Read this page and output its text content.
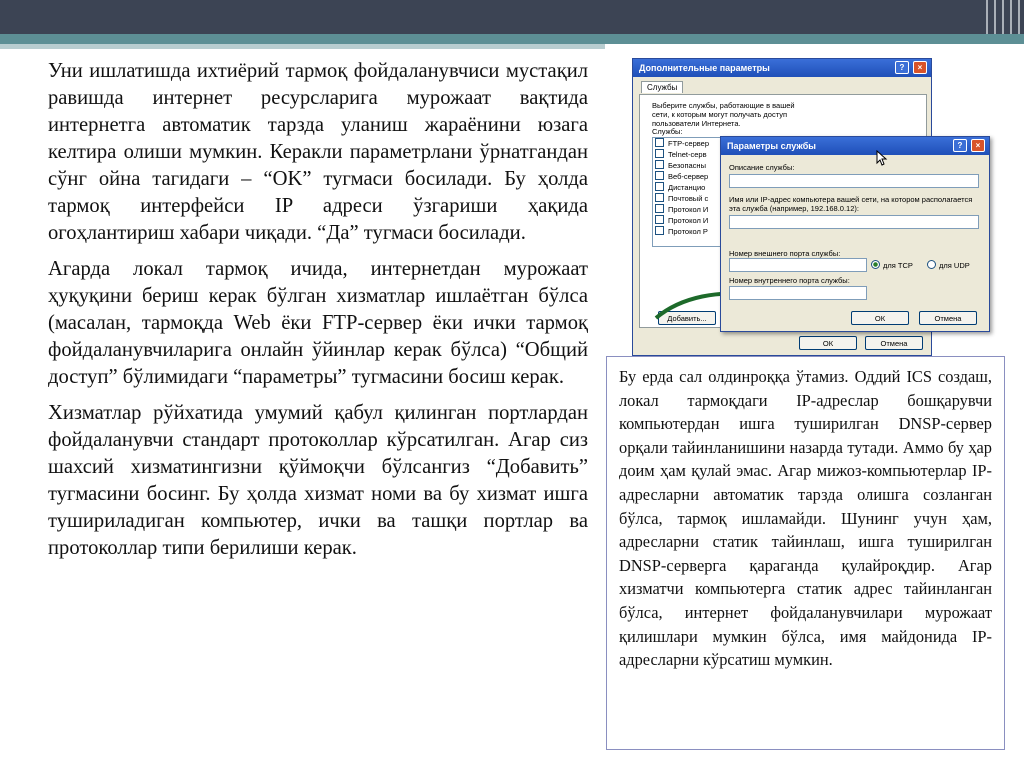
Уни ишлатишда ихтиёрий тармоқ фойдаланувчиси мустақил равишда интернет ресурсларига мурожаат вақтида интернетга автоматик тарзда уланиш жараёнини юзага келтира олиши мумкин. Керакли параметрлани ўрнатгандан сўнг ойна тагидаги – “OK” тугмаси босилади. Бу ҳолда тармоқ интерфейси IP адреси ўзгариши ҳақида огоҳлантириш хабари чиқади. “Да” тугмаси босилади.

Агарда локал тармоқ ичида, интернетдан мурожаат ҳуқуқини бериш керак бўлган хизматлар ишлаётган бўлса (масалан, тармоқда Web ёки FTP-сервер ёки ички тармоқ фойдаланувчиларига онлайн ўйинлар керак бўлса) “Общий доступ” бўлимидаги “параметры” тугмасини босиш керак.

Хизматлар рўйхатида умумий қабул қилинган портлардан фойдаланувчи стандарт протоколлар кўрсатилган. Агар сиз шахсий хизматингизни қўймоқчи бўлсангиз “Добавить” тугмасини босинг. Бу ҳолда хизмат номи ва бу хизмат ишга тушириладиган компьютер, ички ва ташқи портлар ва протоколлар типи берилиши керак.

Дополнительные параметры	?	×
Службы
Выберите службы, работающие в вашей сети, к которым могут получать доступ пользователи Интернета.
Службы:
FTP-сервер
Telnet-серв
Безопасны
Веб-сервер
Дистанцио
Почтовый с
Протокол И
Протокол И
Протокол Р
Добавить...
ОК	Отмена
Параметры службы	?	×
Описание службы:
Имя или IP-адрес компьютера вашей сети, на котором располагается эта служба (например, 192.168.0.12):
Номер внешнего порта службы:
для TCP	для UDP
Номер внутреннего порта службы:
ОК	Отмена

Бу ерда сал олдинроққа ўтамиз. Оддий ICS создаш, локал тармоқдаги IP-адреслар бошқарувчи компьютердан ишга туширилган DNSP-сервер орқали тайинланишини назарда тутади. Аммо бу ҳар доим ҳам қулай эмас. Агар мижоз-компьютерлар IP-адресларни автоматик тарзда олишга созланган бўлса, тармоқ ишламайди. Шунинг учун ҳам, адресларни статик тайинлаш, ишга туширилган DNSP-серверга қараганда қулайроқдир. Агар хизматчи компьютерга статик адрес тайинланган бўлса, интернет фойдаланувчилари мурожаат қилишлари мумкин бўлса, имя майдонида IP-адресларни кўрсатиш мумкин.
